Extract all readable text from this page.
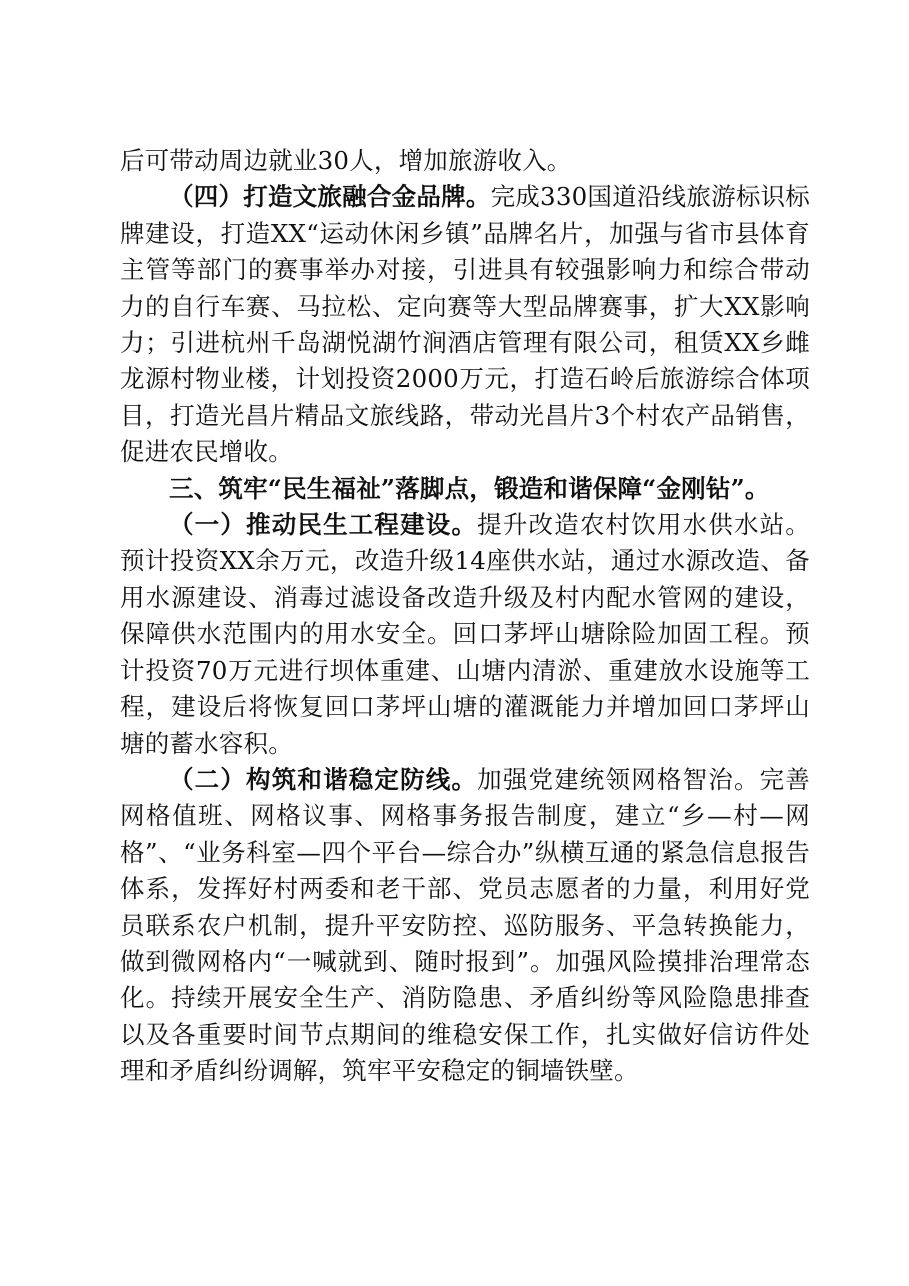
后可带动周边就业30人，增加旅游收入。

（四）打造文旅融合金品牌。完成330国道沿线旅游标识标牌建设，打造XX“运动休闲乡镇”品牌名片，加强与省市县体育主管等部门的赛事举办对接，引进具有较强影响力和综合带动力的自行车赛、马拉松、定向赛等大型品牌赛事，扩大XX影响力；引进杭州千岛湖悦湖竹涧酒店管理有限公司，租赁XX乡雌龙源村物业楼，计划投资2000万元，打造石岭后旅游综合体项目，打造光昌片精品文旅线路，带动光昌片3个村农产品销售，促进农民增收。

三、筑牢“民生福祉”落脚点，锻造和谐保障“金刚钻”。

（一）推动民生工程建设。提升改造农村饮用水供水站。预计投资XX余万元，改造升级14座供水站，通过水源改造、备用水源建设、消毒过滤设备改造升级及村内配水管网的建设，保障供水范围内的用水安全。回口茅坪山塘除险加固工程。预计投资70万元进行坝体重建、山塘内清淤、重建放水设施等工程，建设后将恢复回口茅坪山塘的灌溉能力并增加回口茅坪山塘的蓄水容积。

（二）构筑和谐稳定防线。加强党建统领网格智治。完善网格值班、网格议事、网格事务报告制度，建立“乡—村—网格”、“业务科室—四个平台—综合办”纵横互通的紧急信息报告体系，发挥好村两委和老干部、党员志愿者的力量，利用好党员联系农户机制，提升平安防控、巡防服务、平急转换能力，做到微网格内“一喊就到、随时报到”。加强风险摸排治理常态化。持续开展安全生产、消防隐患、矛盾纠纷等风险隐患排查以及各重要时间节点期间的维稳安保工作，扎实做好信访件处理和矛盾纠纷调解，筑牢平安稳定的铜墙铁壁。
